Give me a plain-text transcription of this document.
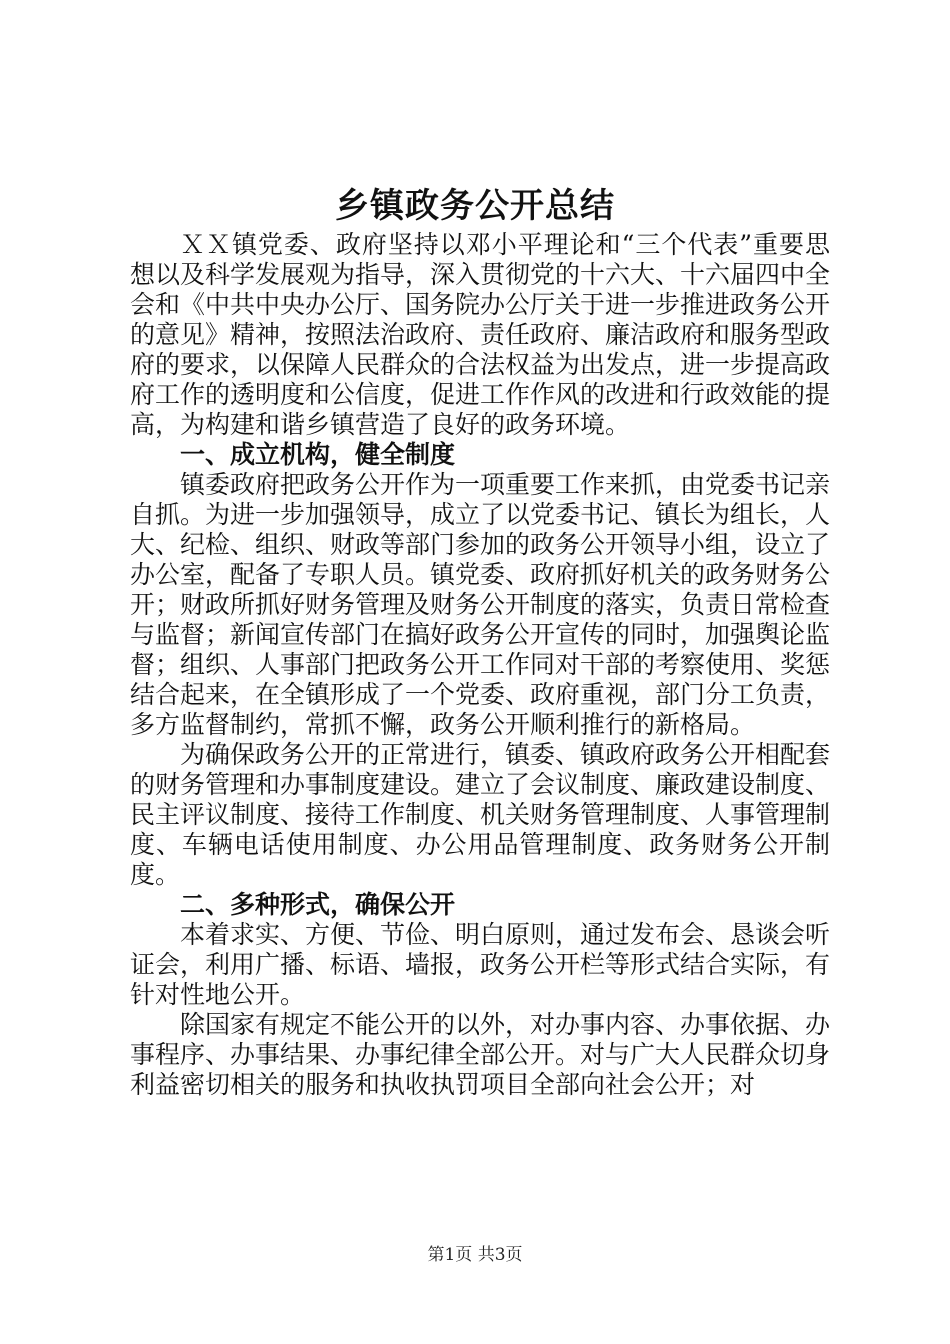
乡镇政务公开总结

ＸＸ镇党委、政府坚持以邓小平理论和“三个代表”重要思想以及科学发展观为指导，深入贯彻党的十六大、十六届四中全会和《中共中央办公厅、国务院办公厅关于进一步推进政务公开的意见》精神，按照法治政府、责任政府、廉洁政府和服务型政府的要求，以保障人民群众的合法权益为出发点，进一步提高政府工作的透明度和公信度，促进工作作风的改进和行政效能的提高，为构建和谐乡镇营造了良好的政务环境。

一、成立机构，健全制度

镇委政府把政务公开作为一项重要工作来抓，由党委书记亲自抓。为进一步加强领导，成立了以党委书记、镇长为组长，人大、纪检、组织、财政等部门参加的政务公开领导小组，设立了办公室，配备了专职人员。镇党委、政府抓好机关的政务财务公开；财政所抓好财务管理及财务公开制度的落实，负责日常检查与监督；新闻宣传部门在搞好政务公开宣传的同时，加强舆论监督；组织、人事部门把政务公开工作同对干部的考察使用、奖惩结合起来，在全镇形成了一个党委、政府重视，部门分工负责，多方监督制约，常抓不懈，政务公开顺利推行的新格局。

为确保政务公开的正常进行，镇委、镇政府政务公开相配套的财务管理和办事制度建设。建立了会议制度、廉政建设制度、民主评议制度、接待工作制度、机关财务管理制度、人事管理制度、车辆电话使用制度、办公用品管理制度、政务财务公开制度。

二、多种形式，确保公开

本着求实、方便、节俭、明白原则，通过发布会、恳谈会听证会，利用广播、标语、墙报，政务公开栏等形式结合实际，有针对性地公开。

除国家有规定不能公开的以外，对办事内容、办事依据、办事程序、办事结果、办事纪律全部公开。对与广大人民群众切身利益密切相关的服务和执收执罚项目全部向社会公开；对

第1页 共3页
